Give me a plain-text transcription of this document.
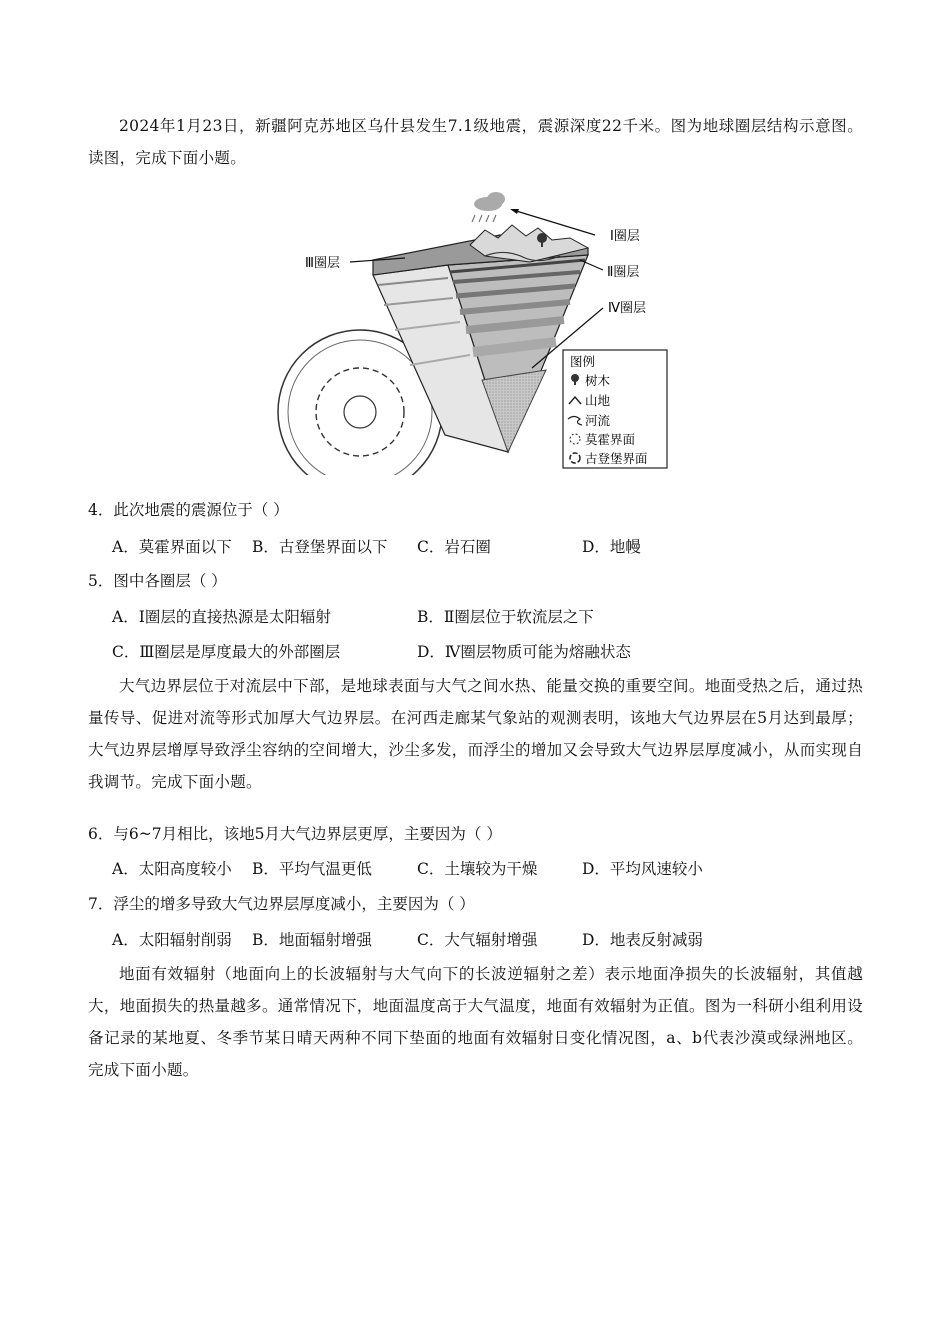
2024年1月23日，新疆阿克苏地区乌什县发生7.1级地震，震源深度22千米。图为地球圈层结构示意图。读图，完成下面小题。

Ⅰ圈层
Ⅱ圈层
Ⅲ圈层
Ⅳ圈层
图例
树木
山地
河流
莫霍界面
古登堡界面

4．此次地震的震源位于（ ）

A．莫霍界面以下 B．古登堡界面以下 C．岩石圈	D．地幔

5．图中各圈层（ ）

A．Ⅰ圈层的直接热源是太阳辐射	B．Ⅱ圈层位于软流层之下
C．Ⅲ圈层是厚度最大的外部圈层	D．Ⅳ圈层物质可能为熔融状态

大气边界层位于对流层中下部，是地球表面与大气之间水热、能量交换的重要空间。地面受热之后，通过热量传导、促进对流等形式加厚大气边界层。在河西走廊某气象站的观测表明，该地大气边界层在5月达到最厚；大气边界层增厚导致浮尘容纳的空间增大，沙尘多发，而浮尘的增加又会导致大气边界层厚度减小，从而实现自我调节。完成下面小题。

6．与6~7月相比，该地5月大气边界层更厚，主要因为（ ）

A．太阳高度较小 B．平均气温更低	C．土壤较为干燥	D．平均风速较小

7．浮尘的增多导致大气边界层厚度减小，主要因为（ ）

A．太阳辐射削弱 B．地面辐射增强	C．大气辐射增强	D．地表反射减弱

地面有效辐射（地面向上的长波辐射与大气向下的长波逆辐射之差）表示地面净损失的长波辐射，其值越大，地面损失的热量越多。通常情况下，地面温度高于大气温度，地面有效辐射为正值。图为一科研小组利用设备记录的某地夏、冬季节某日晴天两种不同下垫面的地面有效辐射日变化情况图，a、b代表沙漠或绿洲地区。完成下面小题。
